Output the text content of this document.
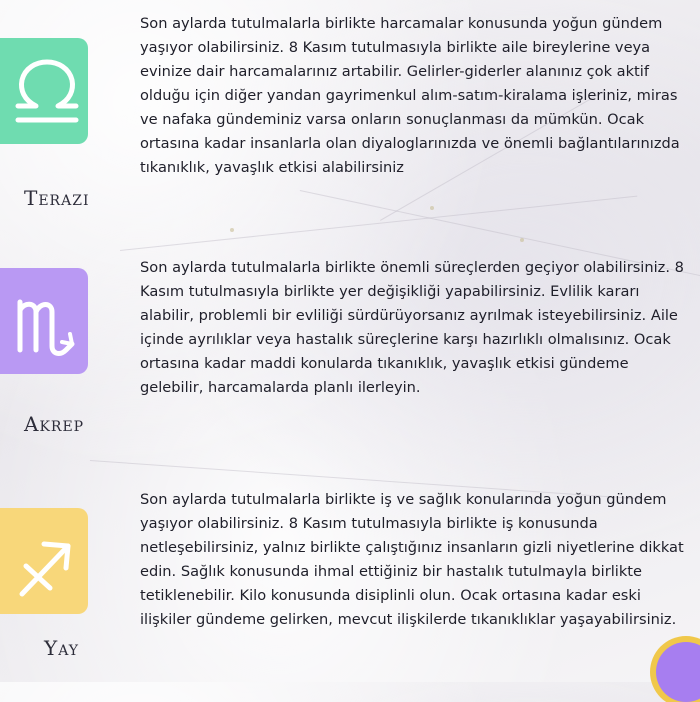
Terazi

Son aylarda tutulmalarla birlikte harcamalar konusunda yoğun gündem yaşıyor olabilirsiniz. 8 Kasım tutulmasıyla birlikte aile bireylerine veya evinize dair harcamalarınız artabilir. Gelirler-giderler alanınız çok aktif olduğu için diğer yandan gayrimenkul alım-satım-kiralama işleriniz, miras ve nafaka gündeminiz varsa onların sonuçlanması da mümkün. Ocak ortasına kadar insanlarla olan diyaloglarınızda ve önemli bağlantılarınızda tıkanıklık, yavaşlık etkisi alabilirsiniz

Akrep

Son aylarda tutulmalarla birlikte önemli süreçlerden geçiyor olabilirsiniz. 8 Kasım tutulmasıyla birlikte yer değişikliği yapabilirsiniz. Evlilik kararı alabilir, problemli bir evliliği sürdürüyorsanız ayrılmak isteyebilirsiniz. Aile içinde ayrılıklar veya hastalık süreçlerine karşı hazırlıklı olmalısınız. Ocak ortasına kadar maddi konularda tıkanıklık, yavaşlık etkisi gündeme gelebilir, harcamalarda planlı ilerleyin.

Yay

Son aylarda tutulmalarla birlikte iş ve sağlık konularında yoğun gündem yaşıyor olabilirsiniz. 8 Kasım tutulmasıyla birlikte iş konusunda netleşebilirsiniz, yalnız birlikte çalıştığınız insanların gizli niyetlerine dikkat edin. Sağlık konusunda ihmal ettiğiniz bir hastalık tutulmayla birlikte tetiklenebilir. Kilo konusunda disiplinli olun. Ocak ortasına kadar eski ilişkiler gündeme gelirken, mevcut ilişkilerde tıkanıklıklar yaşayabilirsiniz.
